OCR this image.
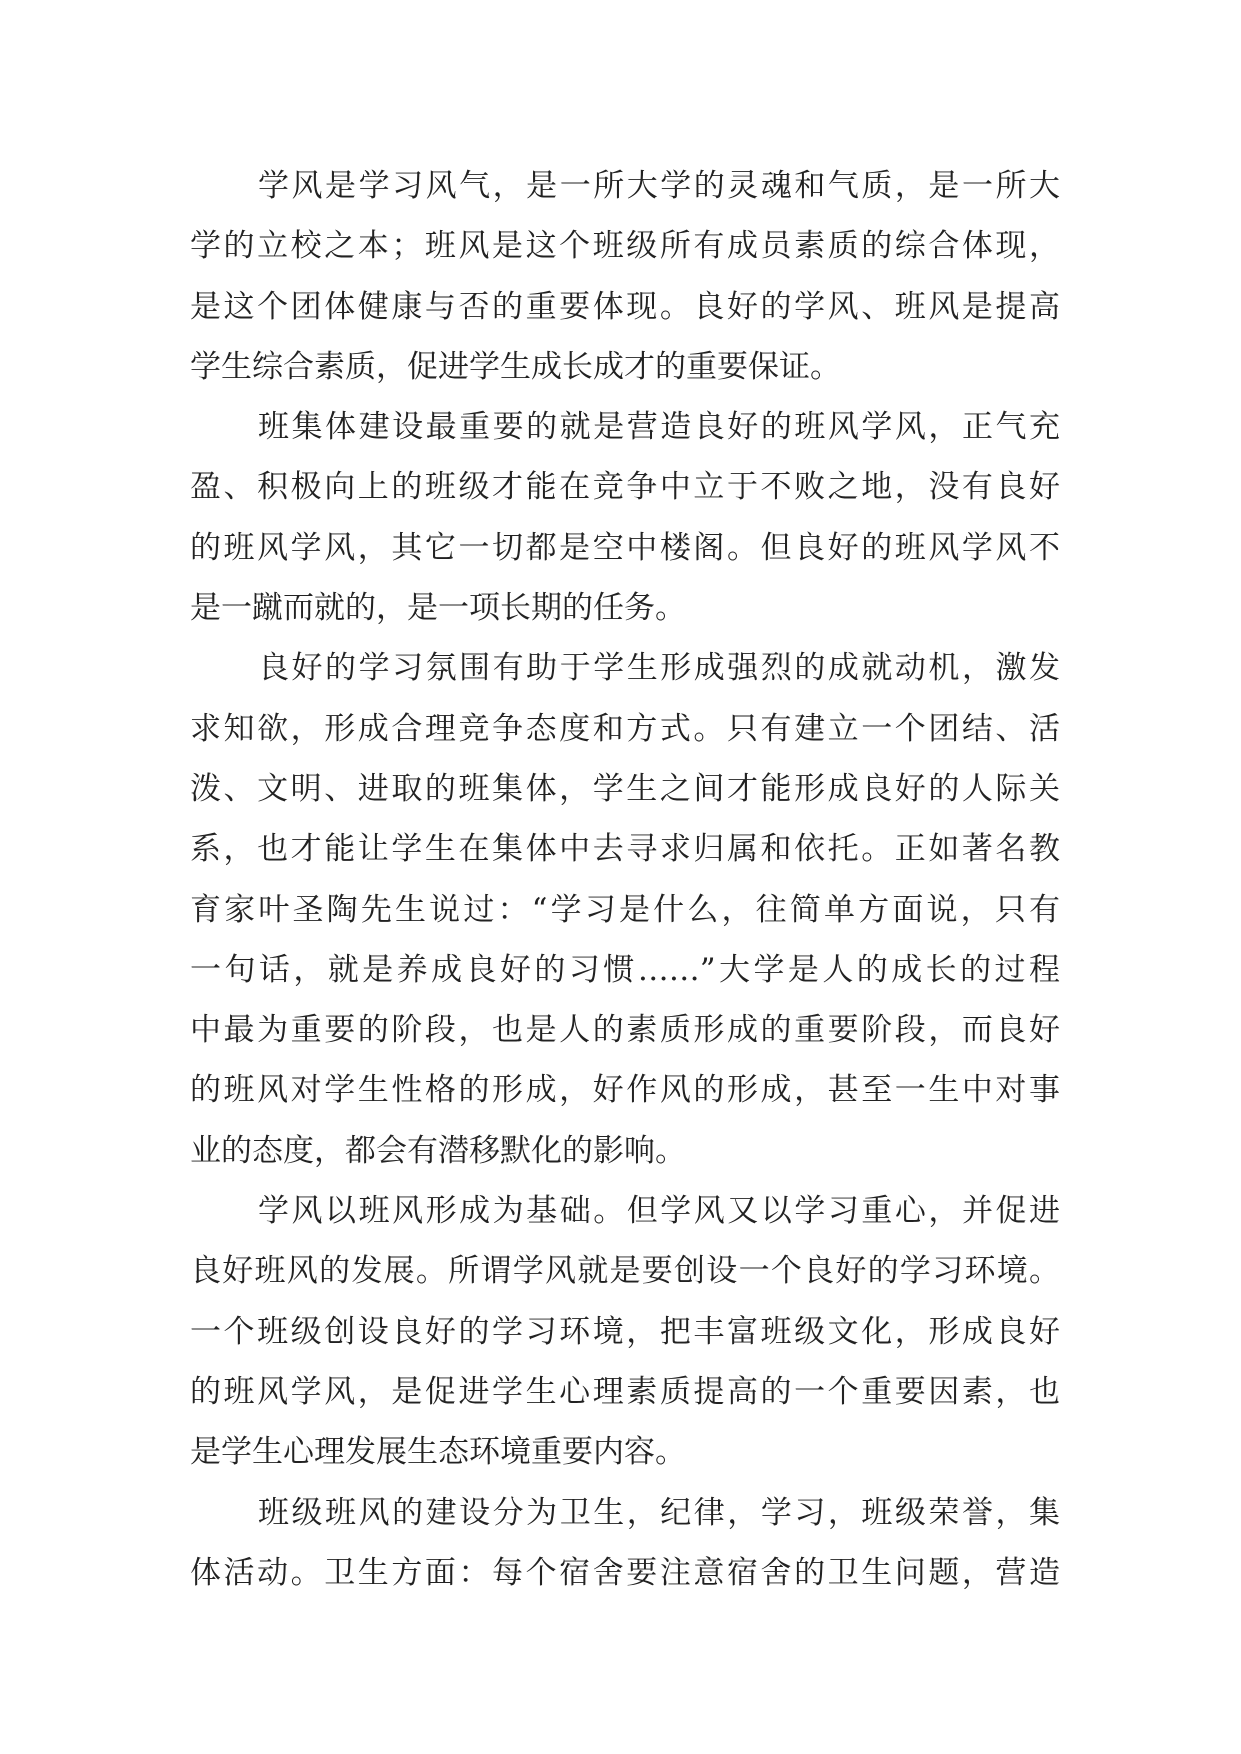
学风是学习风气，是一所大学的灵魂和气质，是一所大
学的立校之本；班风是这个班级所有成员素质的综合体现，
是这个团体健康与否的重要体现。良好的学风、班风是提高
学生综合素质，促进学生成长成才的重要保证。
班集体建设最重要的就是营造良好的班风学风，正气充
盈、积极向上的班级才能在竞争中立于不败之地，没有良好
的班风学风，其它一切都是空中楼阁。但良好的班风学风不
是一蹴而就的，是一项长期的任务。
良好的学习氛围有助于学生形成强烈的成就动机，激发
求知欲，形成合理竞争态度和方式。只有建立一个团结、活
泼、文明、进取的班集体，学生之间才能形成良好的人际关
系，也才能让学生在集体中去寻求归属和依托。正如著名教
育家叶圣陶先生说过：“学习是什么，往简单方面说，只有
一句话，就是养成良好的习惯……”大学是人的成长的过程
中最为重要的阶段，也是人的素质形成的重要阶段，而良好
的班风对学生性格的形成，好作风的形成，甚至一生中对事
业的态度，都会有潜移默化的影响。
学风以班风形成为基础。但学风又以学习重心，并促进
良好班风的发展。所谓学风就是要创设一个良好的学习环境。
一个班级创设良好的学习环境，把丰富班级文化，形成良好
的班风学风，是促进学生心理素质提高的一个重要因素，也
是学生心理发展生态环境重要内容。
班级班风的建设分为卫生，纪律，学习，班级荣誉，集
体活动。卫生方面：每个宿舍要注意宿舍的卫生问题，营造
